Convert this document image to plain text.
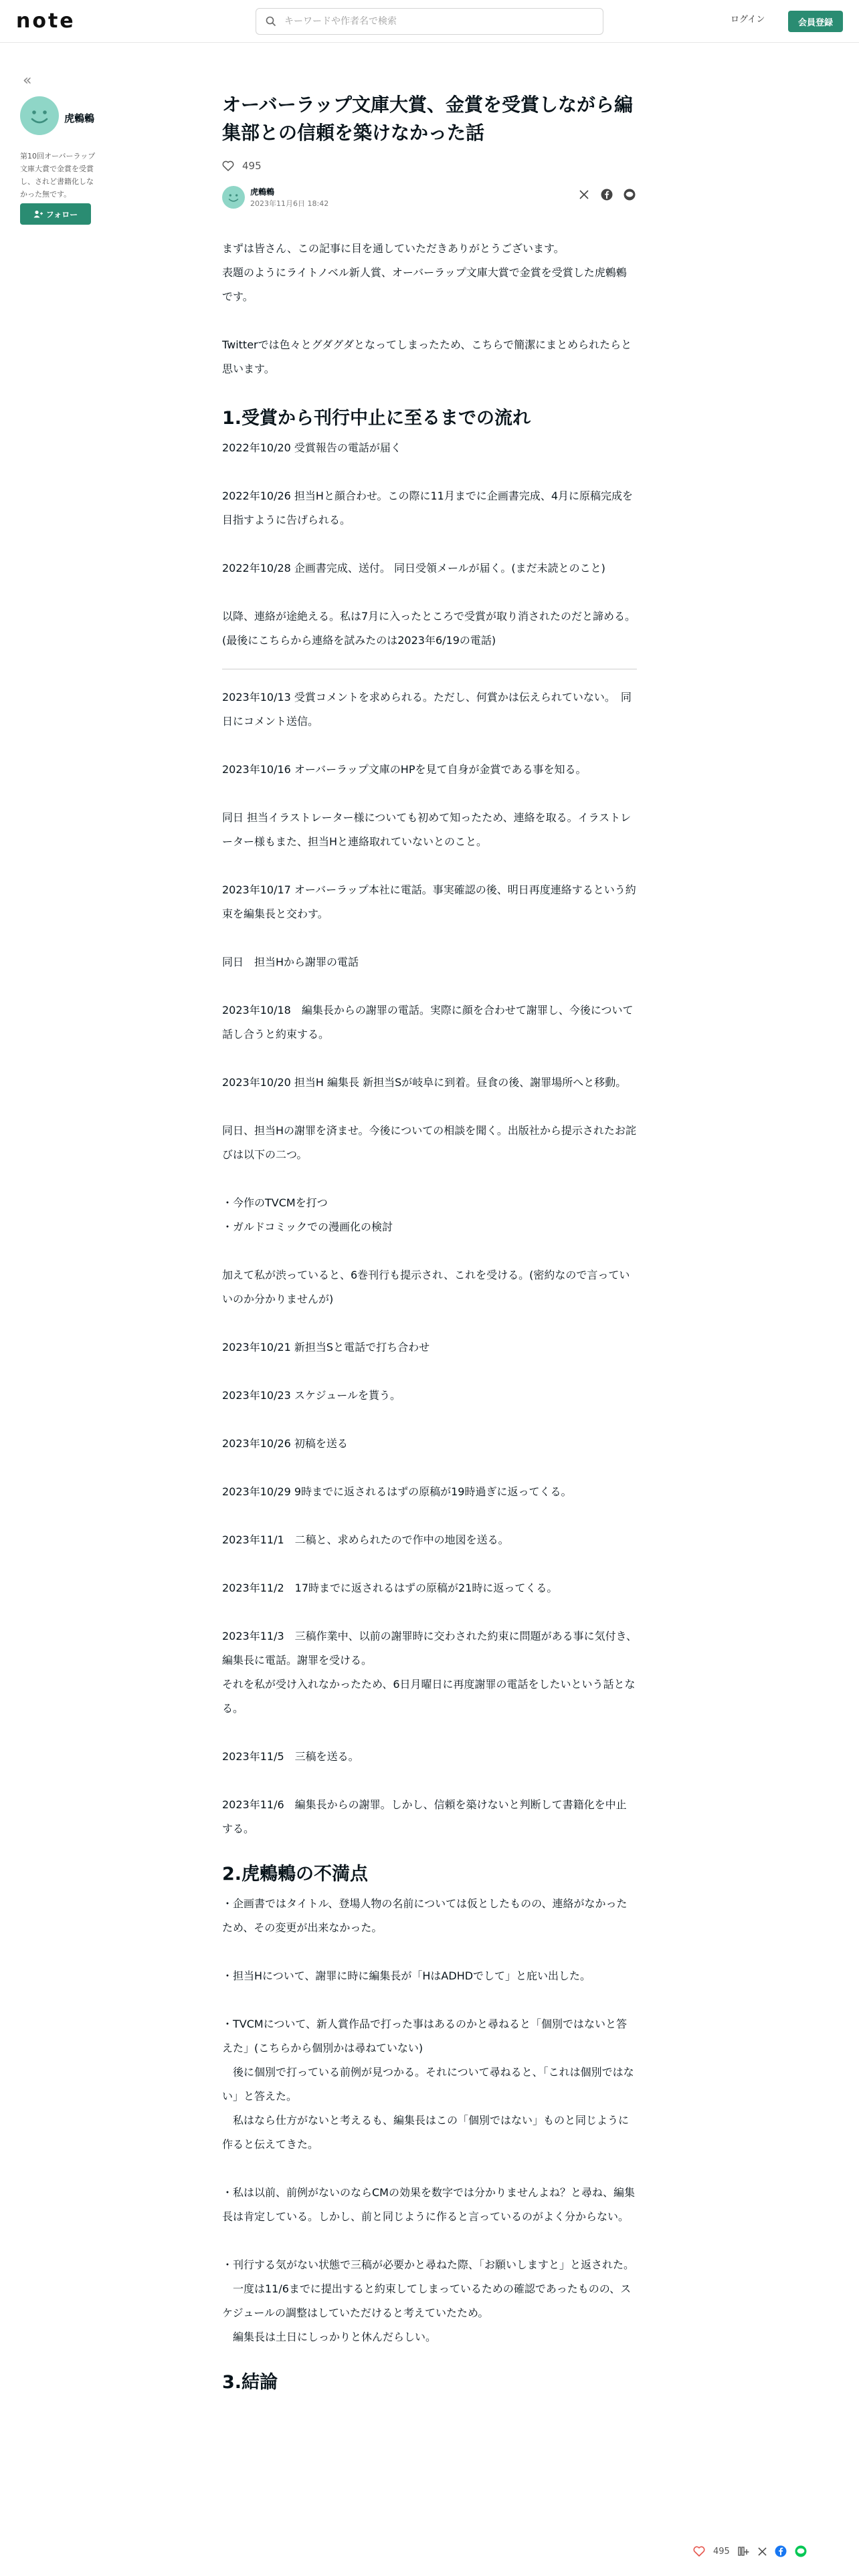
note
キーワードや作者名で検索	ログイン	会員登録
«
虎鶫鶫
第10回オーバーラップ文庫大賞で金賞を受賞し、されど書籍化しなかった無です。
フォロー
オーバーラップ文庫大賞、金賞を受賞しながら編集部との信頼を築けなかった話
495
虎鶫鶫
2023年11月6日 18:42

まずは皆さん、この記事に目を通していただきありがとうございます。
表題のようにライトノベル新人賞、オーバーラップ文庫大賞で金賞を受賞した虎鶫鶫です。

Twitterでは色々とグダグダとなってしまったため、こちらで簡潔にまとめられたらと思います。

1.受賞から刊行中止に至るまでの流れ

2022年10/20 受賞報告の電話が届く

2022年10/26 担当Hと顔合わせ。この際に11月までに企画書完成、4月に原稿完成を目指すように告げられる。

2022年10/28 企画書完成、送付。 同日受領メールが届く。(まだ未読とのこと)

以降、連絡が途絶える。私は7月に入ったところで受賞が取り消されたのだと諦める。(最後にこちらから連絡を試みたのは2023年6/19の電話)

2023年10/13 受賞コメントを求められる。ただし、何賞かは伝えられていない。　同日にコメント送信。

2023年10/16 オーバーラップ文庫のHPを見て自身が金賞である事を知る。

同日 担当イラストレーター様についても初めて知ったため、連絡を取る。イラストレーター様もまた、担当Hと連絡取れていないとのこと。

2023年10/17 オーバーラップ本社に電話。事実確認の後、明日再度連絡するという約束を編集長と交わす。

同日　担当Hから謝罪の電話

2023年10/18　編集長からの謝罪の電話。実際に顔を合わせて謝罪し、今後について話し合うと約束する。

2023年10/20 担当H 編集長 新担当Sが岐阜に到着。昼食の後、謝罪場所へと移動。

同日、担当Hの謝罪を済ませ。今後についての相談を聞く。出版社から提示されたお詫びは以下の二つ。

・今作のTVCMを打つ
・ガルドコミックでの漫画化の検討

加えて私が渋っていると、6巻刊行も提示され、これを受ける。(密約なので言っていいのか分かりませんが)

2023年10/21 新担当Sと電話で打ち合わせ

2023年10/23 スケジュールを貰う。

2023年10/26 初稿を送る

2023年10/29 9時までに返されるはずの原稿が19時過ぎに返ってくる。

2023年11/1　二稿と、求められたので作中の地図を送る。

2023年11/2　17時までに返されるはずの原稿が21時に返ってくる。

2023年11/3　三稿作業中、以前の謝罪時に交わされた約束に問題がある事に気付き、編集長に電話。謝罪を受ける。
それを私が受け入れなかったため、6日月曜日に再度謝罪の電話をしたいという話となる。

2023年11/5　三稿を送る。

2023年11/6　編集長からの謝罪。しかし、信頼を築けないと判断して書籍化を中止する。

2.虎鶫鶫の不満点

・企画書ではタイトル、登場人物の名前については仮としたものの、連絡がなかったため、その変更が出来なかった。

・担当Hについて、謝罪に時に編集長が「HはADHDでして」と庇い出した。

・TVCMについて、新人賞作品で打った事はあるのかと尋ねると「個別ではないと答えた」(こちらから個別かは尋ねていない)
　後に個別で打っている前例が見つかる。それについて尋ねると、「これは個別ではない」と答えた。
　私はなら仕方がないと考えるも、編集長はこの「個別ではない」ものと同じように作ると伝えてきた。

・私は以前、前例がないのならCMの効果を数字では分かりませんよね？と尋ね、編集長は肯定している。しかし、前と同じように作ると言っているのがよく分からない。

・刊行する気がない状態で三稿が必要かと尋ねた際、「お願いしますと」と返された。
　一度は11/6までに提出すると約束してしまっているための確認であったものの、スケジュールの調整はしていただけると考えていたため。
　編集長は土日にしっかりと休んだらしい。

3.結論
495
